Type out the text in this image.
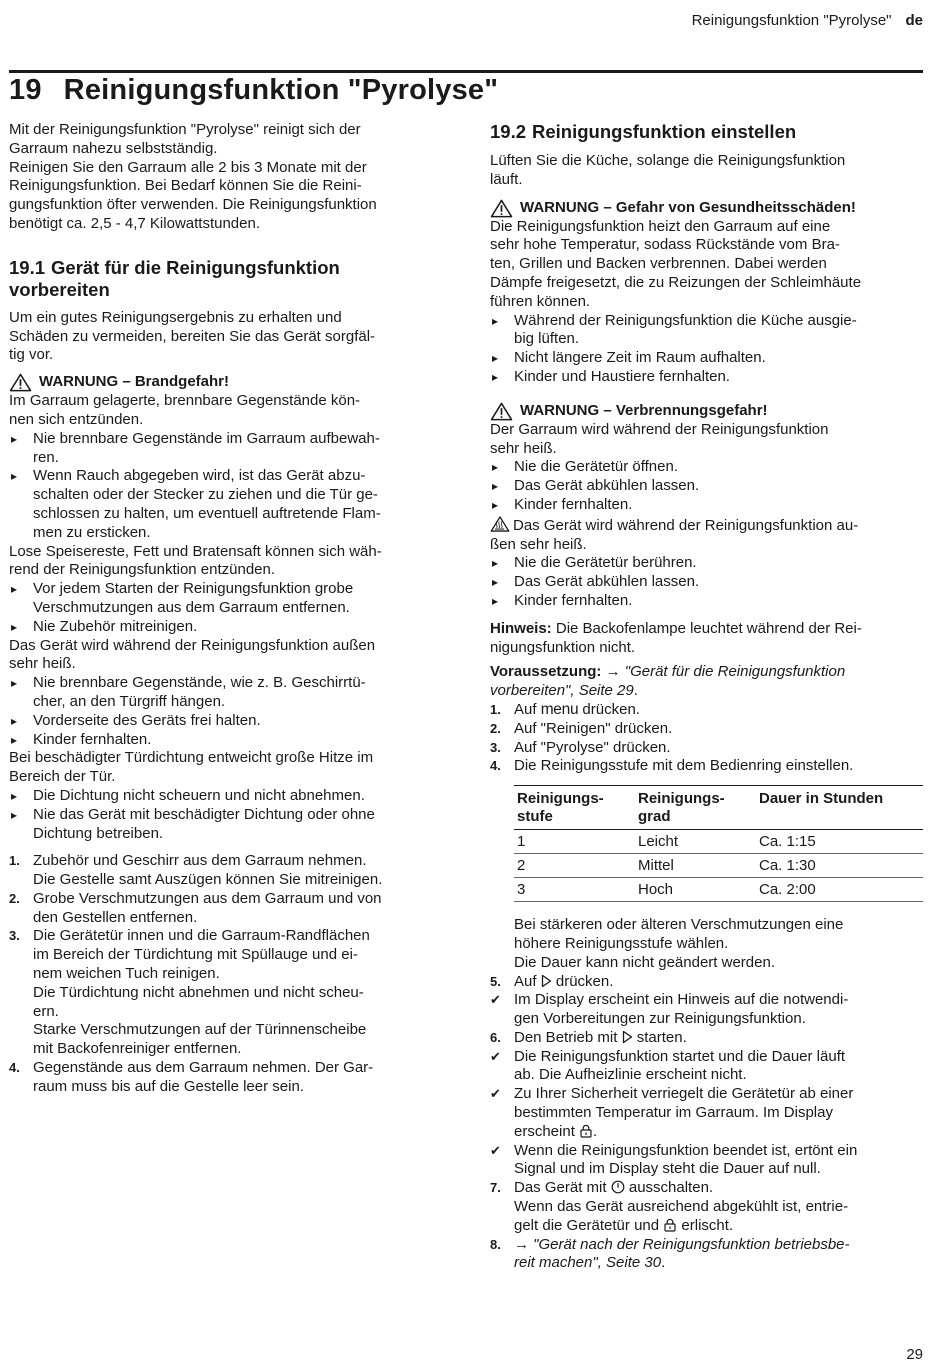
Reinigungsfunktion "Pyrolyse" de
19 Reinigungsfunktion "Pyrolyse"

Mit der Reinigungsfunktion "Pyrolyse" reinigt sich der
Garraum nahezu selbstständig.
Reinigen Sie den Garraum alle 2 bis 3 Monate mit der
Reinigungsfunktion. Bei Bedarf können Sie die Reini-
gungsfunktion öfter verwenden. Die Reinigungsfunktion
benötigt ca. 2,5 - 4,7 Kilowattstunden.

19.1 Gerät für die Reinigungsfunktion
vorbereiten

Um ein gutes Reinigungsergebnis zu erhalten und
Schäden zu vermeiden, bereiten Sie das Gerät sorgfäl-
tig vor.

WARNUNG – Brandgefahr!

Im Garraum gelagerte, brennbare Gegenstände kön-
nen sich entzünden.

▸ Nie brennbare Gegenstände im Garraum aufbewah-
ren.
▸ Wenn Rauch abgegeben wird, ist das Gerät abzu-
schalten oder der Stecker zu ziehen und die Tür ge-
schlossen zu halten, um eventuell auftretende Flam-
men zu ersticken.

Lose Speisereste, Fett und Bratensaft können sich wäh-
rend der Reinigungsfunktion entzünden.

▸ Vor jedem Starten der Reinigungsfunktion grobe
Verschmutzungen aus dem Garraum entfernen.
▸ Nie Zubehör mitreinigen.

Das Gerät wird während der Reinigungsfunktion außen
sehr heiß.

▸ Nie brennbare Gegenstände, wie z. B. Geschirrtü-
cher, an den Türgriff hängen.
▸ Vorderseite des Geräts frei halten.
▸ Kinder fernhalten.

Bei beschädigter Türdichtung entweicht große Hitze im
Bereich der Tür.

▸ Die Dichtung nicht scheuern und nicht abnehmen.
▸ Nie das Gerät mit beschädigter Dichtung oder ohne
Dichtung betreiben.
1. Zubehör und Geschirr aus dem Garraum nehmen.
Die Gestelle samt Auszügen können Sie mitreinigen.
2. Grobe Verschmutzungen aus dem Garraum und von
den Gestellen entfernen.
3. Die Gerätetür innen und die Garraum-Randflächen
im Bereich der Türdichtung mit Spüllauge und ei-
nem weichen Tuch reinigen.
Die Türdichtung nicht abnehmen und nicht scheu-
ern.
Starke Verschmutzungen auf der Türinnenscheibe
mit Backofenreiniger entfernen.
4. Gegenstände aus dem Garraum nehmen. Der Gar-
raum muss bis auf die Gestelle leer sein.
19.2 Reinigungsfunktion einstellen

Lüften Sie die Küche, solange die Reinigungsfunktion
läuft.

WARNUNG – Gefahr von Gesundheitsschäden!

Die Reinigungsfunktion heizt den Garraum auf eine
sehr hohe Temperatur, sodass Rückstände vom Bra-
ten, Grillen und Backen verbrennen. Dabei werden
Dämpfe freigesetzt, die zu Reizungen der Schleimhäute
führen können.

▸ Während der Reinigungsfunktion die Küche ausgie-
big lüften.
▸ Nicht längere Zeit im Raum aufhalten.
▸ Kinder und Haustiere fernhalten.
WARNUNG – Verbrennungsgefahr!

Der Garraum wird während der Reinigungsfunktion
sehr heiß.

▸ Nie die Gerätetür öffnen.
▸ Das Gerät abkühlen lassen.
▸ Kinder fernhalten.

Das Gerät wird während der Reinigungsfunktion au-
ßen sehr heiß.

▸ Nie die Gerätetür berühren.
▸ Das Gerät abkühlen lassen.
▸ Kinder fernhalten.

Hinweis: Die Backofenlampe leuchtet während der Rei-
nigungsfunktion nicht.

Voraussetzung: → "Gerät für die Reinigungsfunktion
vorbereiten", Seite 29.

1. Auf menu drücken.
2. Auf "Reinigen" drücken.
3. Auf "Pyrolyse" drücken.
4. Die Reinigungsstufe mit dem Bedienring einstellen.
Reinigungs-
stufe	Reinigungs-
grad	Dauer in Stunden
1	Leicht	Ca. 1:15
2	Mittel	Ca. 1:30
3	Hoch	Ca. 2:00

Bei stärkeren oder älteren Verschmutzungen eine
höhere Reinigungsstufe wählen.
Die Dauer kann nicht geändert werden.

5. Auf  drücken.
✔ Im Display erscheint ein Hinweis auf die notwendi-
gen Vorbereitungen zur Reinigungsfunktion.
6. Den Betrieb mit  starten.
✔ Die Reinigungsfunktion startet und die Dauer läuft
ab. Die Aufheizlinie erscheint nicht.
✔ Zu Ihrer Sicherheit verriegelt die Gerätetür ab einer
bestimmten Temperatur im Garraum. Im Display
erscheint .
✔ Wenn die Reinigungsfunktion beendet ist, ertönt ein
Signal und im Display steht die Dauer auf null.
7. Das Gerät mit  ausschalten.
Wenn das Gerät ausreichend abgekühlt ist, entrie-
gelt die Gerätetür und  erlischt.
8. → "Gerät nach der Reinigungsfunktion betriebsbe-
reit machen", Seite 30.
29
